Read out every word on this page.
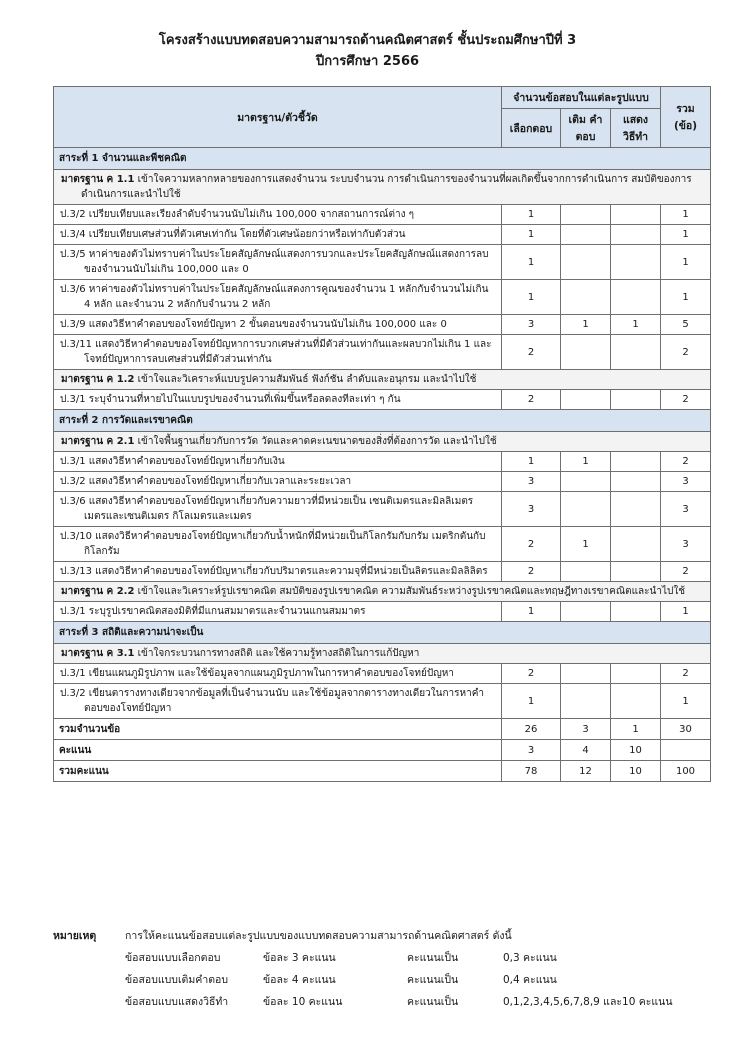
โครงสร้างแบบทดสอบความสามารถด้านคณิตศาสตร์ ชั้นประถมศึกษาปีที่ 3
ปีการศึกษา 2566
มาตรฐาน/ตัวชี้วัด	จำนวนข้อสอบในแต่ละรูปแบบ			รวม (ข้อ)
	เลือกตอบ	เติม คำตอบ	แสดง วิธีทำ	
สาระที่ 1 จำนวนและพีชคณิต				
มาตรฐาน ค 1.1 เข้าใจความหลากหลายของการแสดงจำนวน ระบบจำนวน การดำเนินการของจำนวนที่ผลเกิดขึ้นจากการดำเนินการ สมบัติของการดำเนินการและนำไปใช้				
ป.3/2 เปรียบเทียบและเรียงลำดับจำนวนนับไม่เกิน 100,000 จากสถานการณ์ต่าง ๆ	1			1
ป.3/4 เปรียบเทียบเศษส่วนที่ตัวเศษเท่ากัน โดยที่ตัวเศษน้อยกว่าหรือเท่ากับตัวส่วน	1			1
ป.3/5 หาค่าของตัวไม่ทราบค่าในประโยคสัญลักษณ์แสดงการบวกและประโยคสัญลักษณ์แสดงการลบของจำนวนนับไม่เกิน 100,000 และ 0	1			1
ป.3/6 หาค่าของตัวไม่ทราบค่าในประโยคสัญลักษณ์แสดงการคูณของจำนวน 1 หลักกับจำนวนไม่เกิน 4 หลัก และจำนวน 2 หลักกับจำนวน 2 หลัก	1			1
ป.3/9 แสดงวิธีหาคำตอบของโจทย์ปัญหา 2 ขั้นตอนของจำนวนนับไม่เกิน 100,000 และ 0	3	1	1	5
ป.3/11 แสดงวิธีหาคำตอบของโจทย์ปัญหาการบวกเศษส่วนที่มีตัวส่วนเท่ากันและผลบวกไม่เกิน 1 และโจทย์ปัญหาการลบเศษส่วนที่มีตัวส่วนเท่ากัน	2			2
มาตรฐาน ค 1.2 เข้าใจและวิเคราะห์แบบรูปความสัมพันธ์ ฟังก์ชัน ลำดับและอนุกรม และนำไปใช้				
ป.3/1 ระบุจำนวนที่หายไปในแบบรูปของจำนวนที่เพิ่มขึ้นหรือลดลงทีละเท่า ๆ กัน	2			2
สาระที่ 2 การวัดและเรขาคณิต				
มาตรฐาน ค 2.1 เข้าใจพื้นฐานเกี่ยวกับการวัด วัดและคาดคะเนขนาดของสิ่งที่ต้องการวัด และนำไปใช้				
ป.3/1 แสดงวิธีหาคำตอบของโจทย์ปัญหาเกี่ยวกับเงิน	1	1		2
ป.3/2 แสดงวิธีหาคำตอบของโจทย์ปัญหาเกี่ยวกับเวลาและระยะเวลา	3			3
ป.3/6 แสดงวิธีหาคำตอบของโจทย์ปัญหาเกี่ยวกับความยาวที่มีหน่วยเป็น เซนติเมตรและมิลลิเมตร เมตรและเซนติเมตร กิโลเมตรและเมตร	3			3
ป.3/10 แสดงวิธีหาคำตอบของโจทย์ปัญหาเกี่ยวกับน้ำหนักที่มีหน่วยเป็นกิโลกรัมกับกรัม เมตริกตันกับกิโลกรัม	2	1		3
ป.3/13 แสดงวิธีหาคำตอบของโจทย์ปัญหาเกี่ยวกับปริมาตรและความจุที่มีหน่วยเป็นลิตรและมิลลิลิตร	2			2
มาตรฐาน ค 2.2 เข้าใจและวิเคราะห์รูปเรขาคณิต สมบัติของรูปเรขาคณิต ความสัมพันธ์ระหว่างรูปเรขาคณิตและทฤษฎีทางเรขาคณิตและนำไปใช้				
ป.3/1 ระบุรูปเรขาคณิตสองมิติที่มีแกนสมมาตรและจำนวนแกนสมมาตร	1			1
สาระที่ 3 สถิติและความน่าจะเป็น				
มาตรฐาน ค 3.1 เข้าใจกระบวนการทางสถิติ และใช้ความรู้ทางสถิติในการแก้ปัญหา				
ป.3/1 เขียนแผนภูมิรูปภาพ และใช้ข้อมูลจากแผนภูมิรูปภาพในการหาคำตอบของโจทย์ปัญหา	2			2
ป.3/2 เขียนตารางทางเดียวจากข้อมูลที่เป็นจำนวนนับ และใช้ข้อมูลจากตารางทางเดียวในการหาคำตอบของโจทย์ปัญหา	1			1
รวมจำนวนข้อ	26	3	1	30
คะแนน	3	4	10	
รวมคะแนน	78	12	10	100
หมายเหตุ	การให้คะแนนข้อสอบแต่ละรูปแบบของแบบทดสอบความสามารถด้านคณิตศาสตร์ ดังนี้
ข้อสอบแบบเลือกตอบ	ข้อละ 3 คะแนน	คะแนนเป็น	0,3 คะแนน
ข้อสอบแบบเติมคำตอบ	ข้อละ 4 คะแนน	คะแนนเป็น	0,4 คะแนน
ข้อสอบแบบแสดงวิธีทำ	ข้อละ 10 คะแนน	คะแนนเป็น	0,1,2,3,4,5,6,7,8,9 และ10 คะแนน
